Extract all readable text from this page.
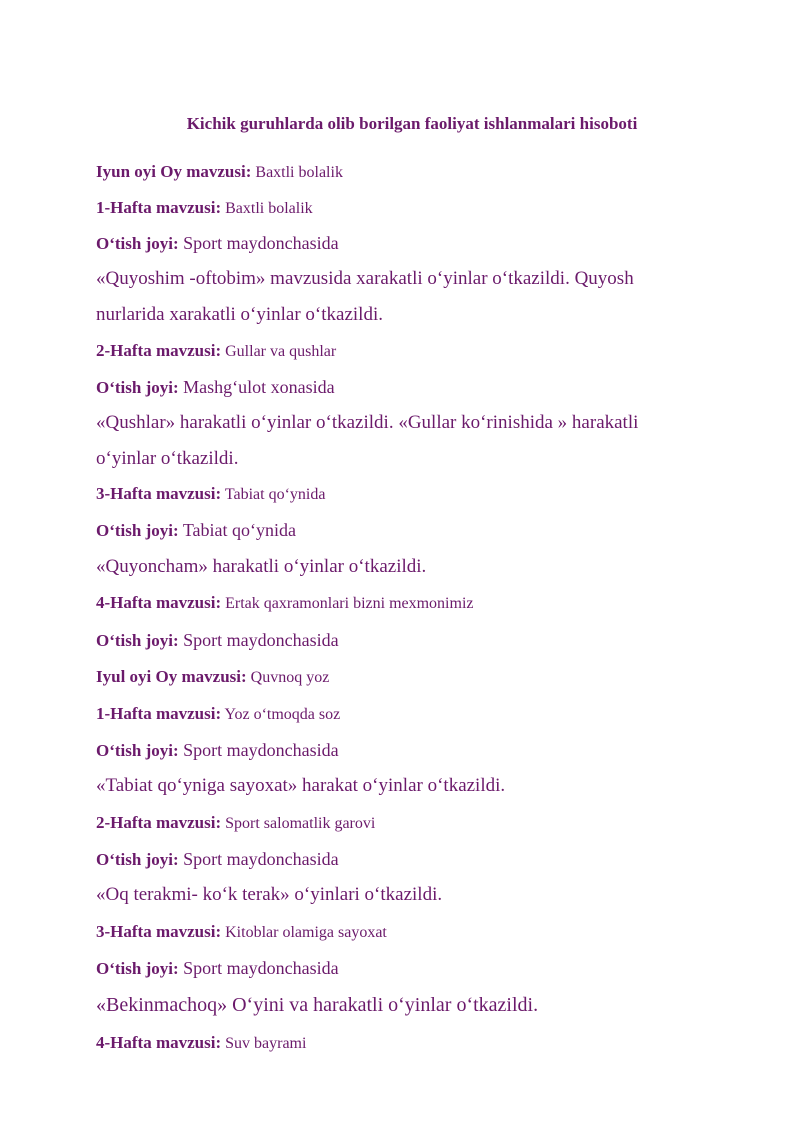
Kichik guruhlarda olib borilgan faoliyat ishlanmalari hisoboti
Iyun oyi Oy mavzusi: Baxtli bolalik
1-Hafta mavzusi: Baxtli bolalik
O‘tish joyi: Sport maydonchasida
«Quyoshim -oftobim» mavzusida xarakatli o‘yinlar o‘tkazildi. Quyosh
nurlarida xarakatli o‘yinlar o‘tkazildi.
2-Hafta mavzusi: Gullar va qushlar
O‘tish joyi: Mashg‘ulot xonasida
«Qushlar» harakatli o‘yinlar o‘tkazildi. «Gullar ko‘rinishida » harakatli
o‘yinlar o‘tkazildi.
3-Hafta mavzusi: Tabiat qo‘ynida
O‘tish joyi: Tabiat qo‘ynida
«Quyoncham» harakatli o‘yinlar o‘tkazildi.
4-Hafta mavzusi: Ertak qaxramonlari bizni mexmonimiz
O‘tish joyi: Sport maydonchasida
Iyul oyi Oy mavzusi: Quvnoq yoz
1-Hafta mavzusi: Yoz o‘tmoqda soz
O‘tish joyi: Sport maydonchasida
«Tabiat qo‘yniga sayoxat» harakat o‘yinlar o‘tkazildi.
2-Hafta mavzusi: Sport salomatlik garovi
O‘tish joyi: Sport maydonchasida
«Oq terakmi- ko‘k terak» o‘yinlari o‘tkazildi.
3-Hafta mavzusi: Kitoblar olamiga sayoxat
O‘tish joyi: Sport maydonchasida
«Bekinmachoq» O‘yini va harakatli o‘yinlar o‘tkazildi.
4-Hafta mavzusi: Suv bayrami
